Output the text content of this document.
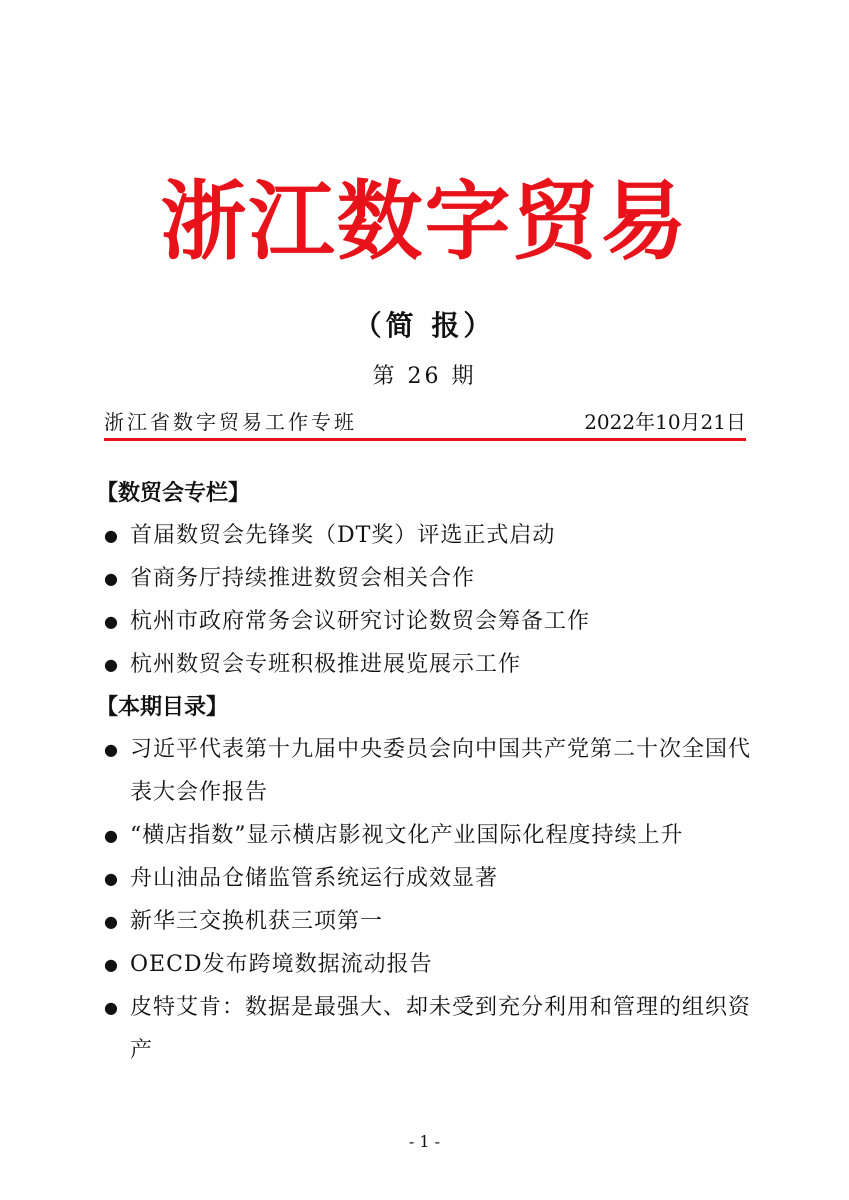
浙江数字贸易
（简 报）
第 26 期
浙江省数字贸易工作专班	2022年10月21日
【数贸会专栏】
● 首届数贸会先锋奖（DT奖）评选正式启动
● 省商务厅持续推进数贸会相关合作
● 杭州市政府常务会议研究讨论数贸会筹备工作
● 杭州数贸会专班积极推进展览展示工作
【本期目录】
● 习近平代表第十九届中央委员会向中国共产党第二十次全国代表大会作报告
● “横店指数”显示横店影视文化产业国际化程度持续上升
● 舟山油品仓储监管系统运行成效显著
● 新华三交换机获三项第一
● OECD发布跨境数据流动报告
● 皮特艾肯：数据是最强大、却未受到充分利用和管理的组织资产
- 1 -
